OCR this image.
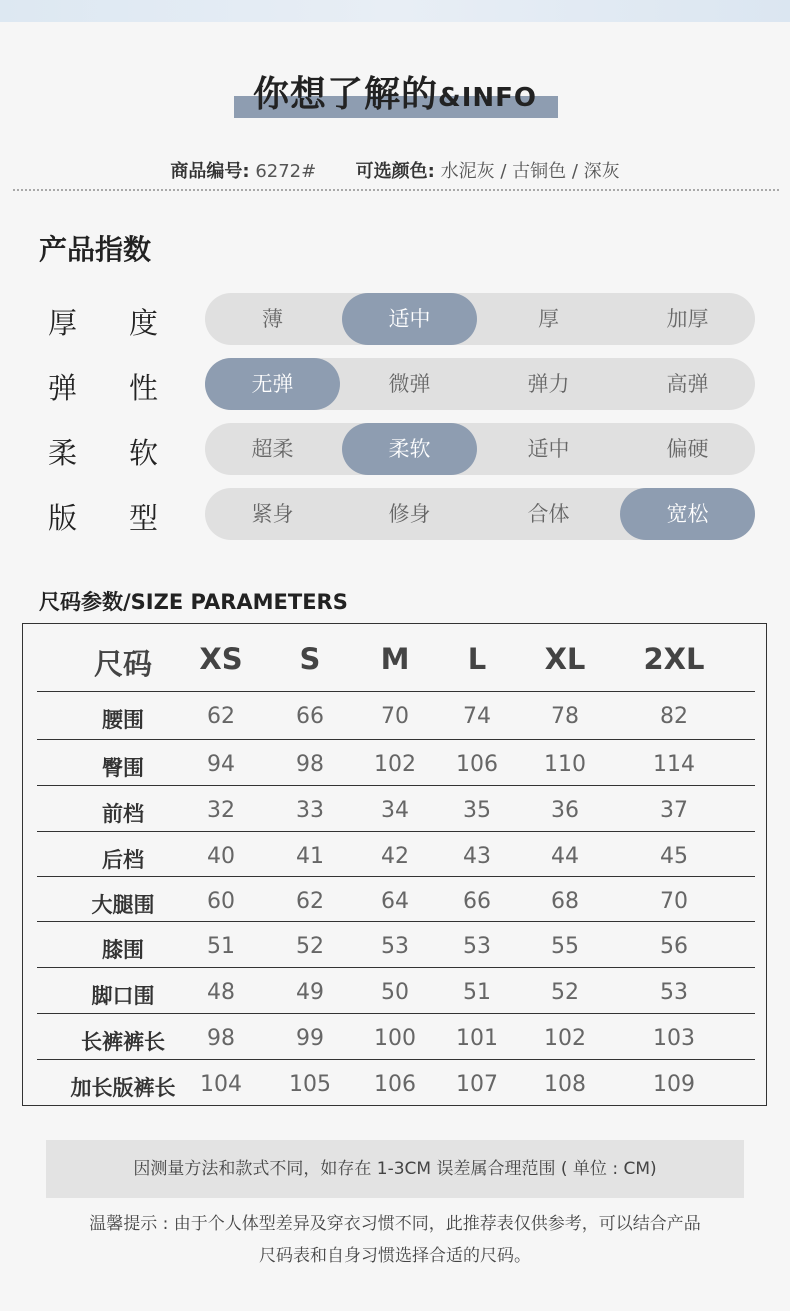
你想了解的&INFO
商品编号: 6272# 可选颜色: 水泥灰 / 古铜色 / 深灰
产品指数
厚 度	薄	适中	厚	加厚
弹 性	无弹	微弹	弹力	高弹
柔 软	超柔	柔软	适中	偏硬
版 型	紧身	修身	合体	宽松
尺码参数/SIZE PARAMETERS
尺码 XS S M L XL 2XL
腰围	62	66	70 74	78	82
臀围	94	98 102 106 110	114
前档	32	33	34 35	36	37
后档	40	41	42 43	44	45
大腿围 60	62	64 66	68	70
膝围	51	52	53 53	55	56
脚口围 48	49	50 51	52	53
长裤裤长 98	99 100 101 102	103
加长版裤长 104 105 106 107 108	109
因测量方法和款式不同，如存在 1-3CM 误差属合理范围 ( 单位 : CM)
温馨提示 : 由于个人体型差异及穿衣习惯不同，此推荐表仅供参考，可以结合产品
尺码表和自身习惯选择合适的尺码。
